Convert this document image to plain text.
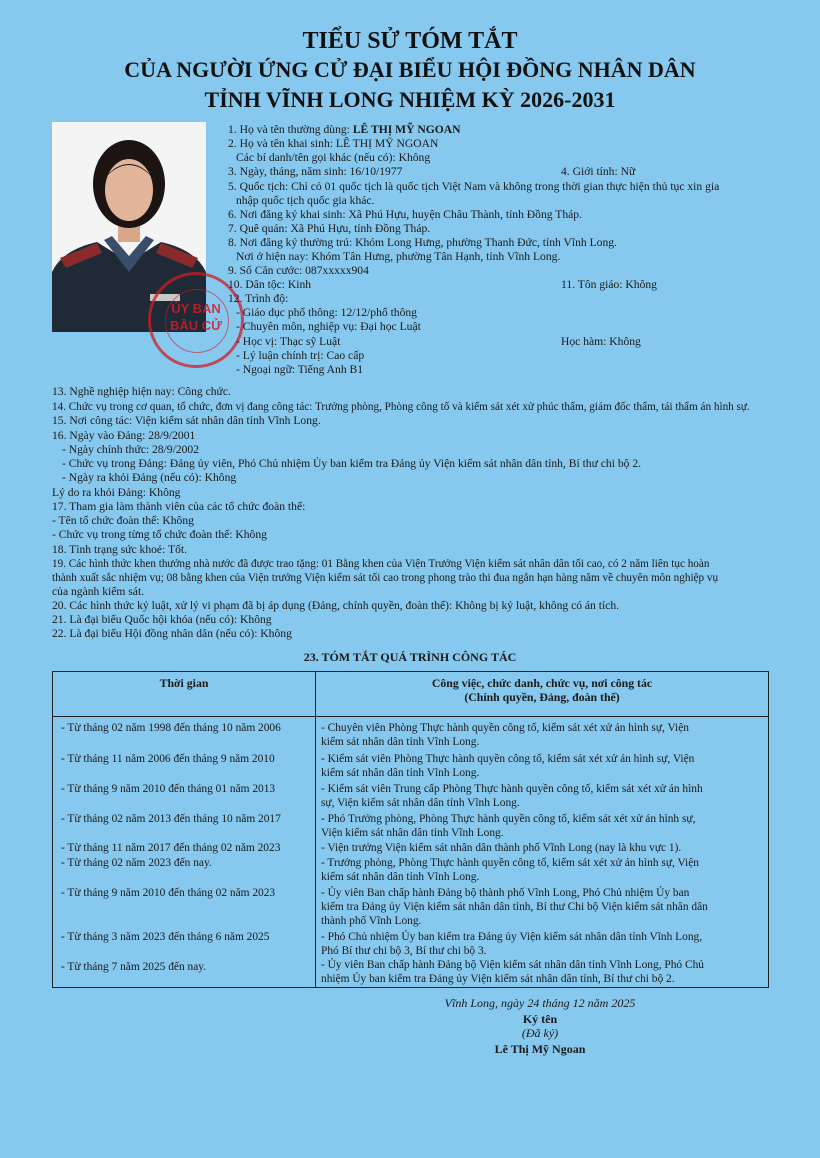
TIỂU SỬ TÓM TẮT
CỦA NGƯỜI ỨNG CỬ ĐẠI BIỂU HỘI ĐỒNG NHÂN DÂN
TỈNH VĨNH LONG NHIỆM KỲ 2026-2031
ỦY BAN
BẦU CỬ
1. Họ và tên thường dùng: LÊ THỊ MỸ NGOAN
2. Họ và tên khai sinh: LÊ THỊ MỸ NGOAN
Các bí danh/tên gọi khác (nếu có): Không
3. Ngày, tháng, năm sinh: 16/10/1977	4. Giới tính: Nữ
5. Quốc tịch: Chỉ có 01 quốc tịch là quốc tịch Việt Nam và không trong thời gian thực hiện thủ tục xin gia
nhập quốc tịch quốc gia khác.
6. Nơi đăng ký khai sinh: Xã Phú Hựu, huyện Châu Thành, tỉnh Đồng Tháp.
7. Quê quán: Xã Phú Hựu, tỉnh Đồng Tháp.
8. Nơi đăng ký thường trú: Khóm Long Hưng, phường Thanh Đức, tỉnh Vĩnh Long.
Nơi ở hiện nay: Khóm Tân Hưng, phường Tân Hạnh, tỉnh Vĩnh Long.
9. Số Căn cước: 087xxxxx904
10. Dân tộc: Kinh	11. Tôn giáo: Không
12. Trình độ:
- Giáo dục phổ thông: 12/12/phổ thông
- Chuyên môn, nghiệp vụ: Đại học Luật
- Học vị: Thạc sỹ Luật	Học hàm: Không
- Lý luận chính trị: Cao cấp
- Ngoại ngữ: Tiếng Anh B1
13. Nghề nghiệp hiện nay: Công chức.
14. Chức vụ trong cơ quan, tổ chức, đơn vị đang công tác: Trưởng phòng, Phòng công tố và kiểm sát xét xử phúc thẩm, giám đốc thẩm, tái thẩm án hình sự.
15. Nơi công tác: Viện kiểm sát nhân dân tỉnh Vĩnh Long.
16. Ngày vào Đảng: 28/9/2001
- Ngày chính thức: 28/9/2002
- Chức vụ trong Đảng: Đảng ủy viên, Phó Chủ nhiệm Ủy ban kiểm tra Đảng ủy Viện kiểm sát nhân dân tỉnh, Bí thư chi bộ 2.
- Ngày ra khỏi Đảng (nếu có): Không
Lý do ra khỏi Đảng: Không
17. Tham gia làm thành viên của các tổ chức đoàn thể:
- Tên tổ chức đoàn thể: Không
- Chức vụ trong từng tổ chức đoàn thể: Không
18. Tình trạng sức khoẻ: Tốt.
19. Các hình thức khen thưởng nhà nước đã được trao tặng: 01 Bằng khen của Viện Trưởng Viện kiểm sát nhân dân tối cao, có 2 năm liên tục hoàn
thành xuất sắc nhiệm vụ; 08 bằng khen của Viện trưởng Viện kiểm sát tối cao trong phong trào thi đua ngắn hạn hàng năm về chuyên môn nghiệp vụ
của ngành kiểm sát.
20. Các hình thức kỷ luật, xử lý vi phạm đã bị áp dụng (Đảng, chính quyền, đoàn thể): Không bị kỷ luật, không có án tích.
21. Là đại biểu Quốc hội khóa (nếu có): Không
22. Là đại biểu Hội đồng nhân dân (nếu có): Không
23. TÓM TẮT QUÁ TRÌNH CÔNG TÁC
Thời gian	Công việc, chức danh, chức vụ, nơi công tác
(Chính quyền, Đảng, đoàn thể)
- Từ tháng 02 năm 1998 đến tháng 10 năm 2006	- Chuyên viên Phòng Thực hành quyền công tố, kiểm sát xét xử án hình sự, Viện
kiểm sát nhân dân tỉnh Vĩnh Long.
- Từ tháng 11 năm 2006 đến tháng 9 năm 2010	- Kiểm sát viên Phòng Thực hành quyền công tố, kiểm sát xét xử án hình sự, Viện
kiểm sát nhân dân tỉnh Vĩnh Long.
- Từ tháng 9 năm 2010 đến tháng 01 năm 2013	- Kiểm sát viên Trung cấp Phòng Thực hành quyền công tố, kiểm sát xét xử án hình
sự, Viện kiểm sát nhân dân tỉnh Vĩnh Long.
- Từ tháng 02 năm 2013 đến tháng 10 năm 2017	- Phó Trưởng phòng, Phòng Thực hành quyền công tố, kiểm sát xét xử án hình sự,
Viện kiểm sát nhân dân tỉnh Vĩnh Long.
- Từ tháng 11 năm 2017 đến tháng 02 năm 2023	- Viện trưởng Viện kiểm sát nhân dân thành phố Vĩnh Long (nay là khu vực 1).
- Từ tháng 02 năm 2023 đến nay.	- Trưởng phòng, Phòng Thực hành quyền công tố, kiểm sát xét xử án hình sự, Viện
kiểm sát nhân dân tỉnh Vĩnh Long.
- Từ tháng 9 năm 2010 đến tháng 02 năm 2023	- Ủy viên Ban chấp hành Đảng bộ thành phố Vĩnh Long, Phó Chủ nhiệm Ủy ban
kiểm tra Đảng ủy Viện kiểm sát nhân dân tỉnh, Bí thư Chi bộ Viện kiểm sát nhân dân
thành phố Vĩnh Long.
- Từ tháng 3 năm 2023 đến tháng 6 năm 2025	- Phó Chủ nhiệm Ủy ban kiểm tra Đảng ủy Viện kiểm sát nhân dân tỉnh Vĩnh Long,
Phó Bí thư chi bộ 3, Bí thư chi bộ 3.
- Từ tháng 7 năm 2025 đến nay.	- Ủy viên Ban chấp hành Đảng bộ Viện kiểm sát nhân dân tỉnh Vĩnh Long, Phó Chủ
nhiệm Ủy ban kiểm tra Đảng ủy Viện kiểm sát nhân dân tỉnh, Bí thư chi bộ 2.
Vĩnh Long, ngày 24 tháng 12 năm 2025
Ký tên
(Đã ký)
Lê Thị Mỹ Ngoan
